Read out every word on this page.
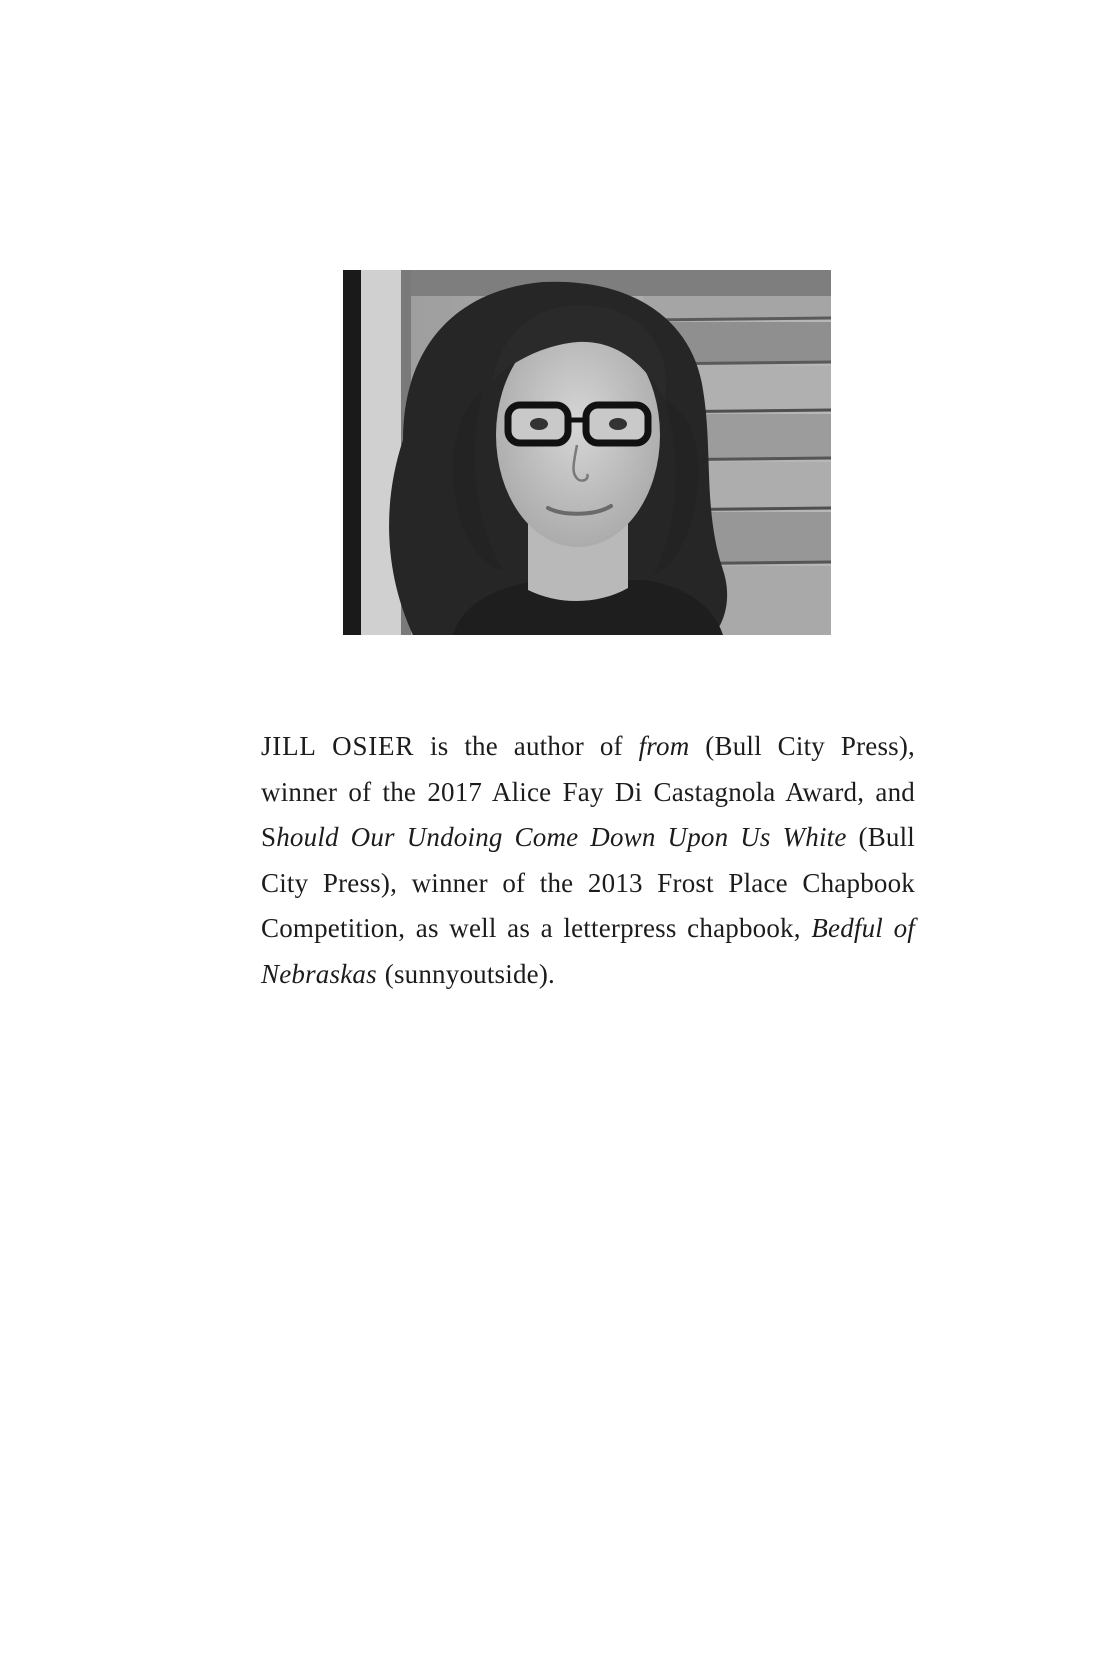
JILL OSIER is the author of from (Bull City Press), winner of the 2017 Alice Fay Di Castagnola Award, and Should Our Undoing Come Down Upon Us White (Bull City Press), winner of the 2013 Frost Place Chapbook Competition, as well as a letterpress chapbook, Bedful of Nebraskas (sunnyoutside).
